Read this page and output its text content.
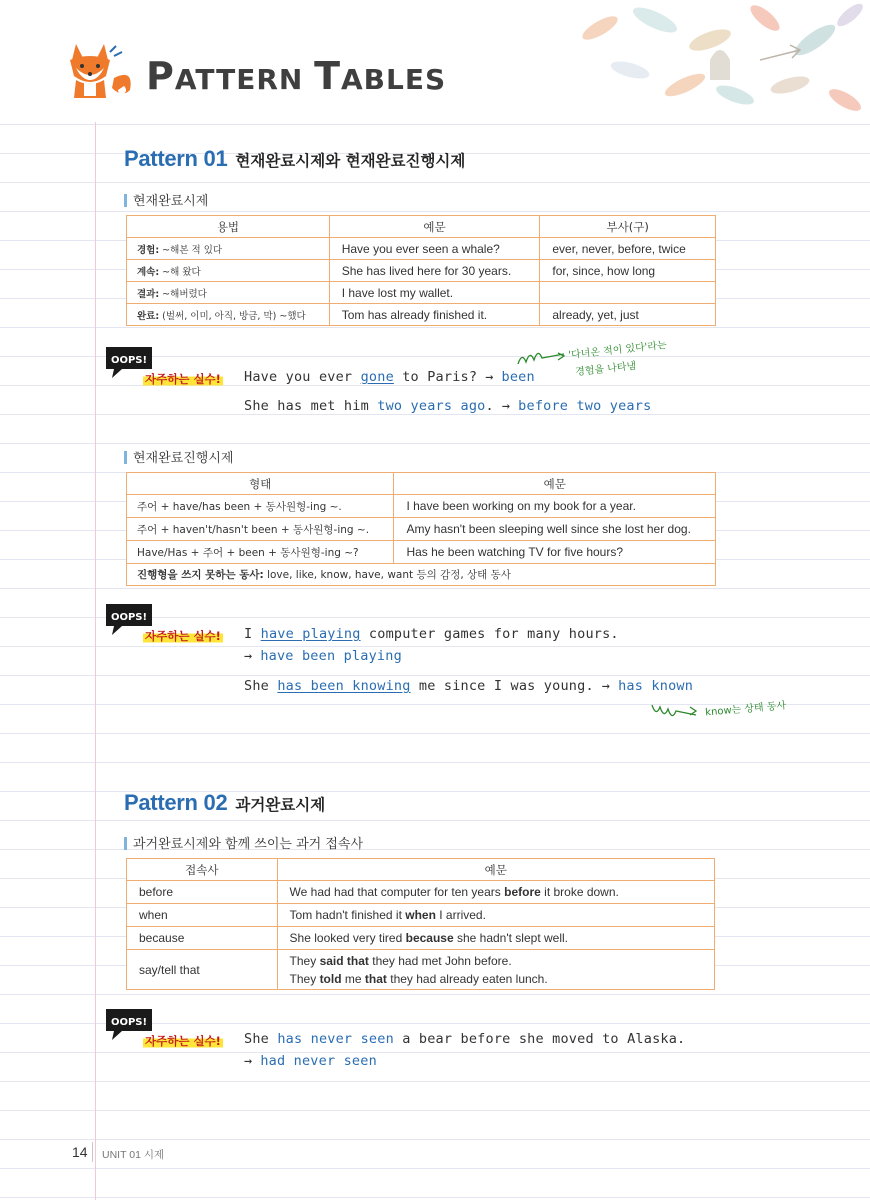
PATTERN TABLES
Pattern 01 현재완료시제와 현재완료진행시제
현재완료시제
용법	예문	부사(구)
경험: ~해본 적 있다	Have you ever seen a whale?	ever, never, before, twice
계속: ~해 왔다	She has lived here for 30 years.	for, since, how long
결과: ~해버렸다	I have lost my wallet.	
완료: (벌써, 이미, 아직, 방금, 막) ~했다	Tom has already finished it.	already, yet, just
OOPS!
자주하는 실수! Have you ever gone to Paris? → been
'다녀온 적이 있다'라는
경험을 나타냄
She has met him two years ago. → before two years
현재완료진행시제
형태	예문
주어 + have/has been + 동사원형-ing ~.	I have been working on my book for a year.
주어 + haven't/hasn't been + 동사원형-ing ~.	Amy hasn't been sleeping well since she lost her dog.
Have/Has + 주어 + been + 동사원형-ing ~?	Has he been watching TV for five hours?
진행형을 쓰지 못하는 동사: love, like, know, have, want 등의 감정, 상태 동사	
OOPS!
자주하는 실수! I have playing computer games for many hours.
→ have been playing
She has been knowing me since I was young. → has known
know는 상태 동사
Pattern 02 과거완료시제
과거완료시제와 함께 쓰이는 과거 접속사
접속사	예문
before	We had had that computer for ten years before it broke down.
when	Tom hadn't finished it when I arrived.
because	She looked very tired because she hadn't slept well.
say/tell that	They said that they had met John before.
They told me that they had already eaten lunch.
OOPS!
자주하는 실수! She has never seen a bear before she moved to Alaska.
→ had never seen
14 UNIT 01 시제
